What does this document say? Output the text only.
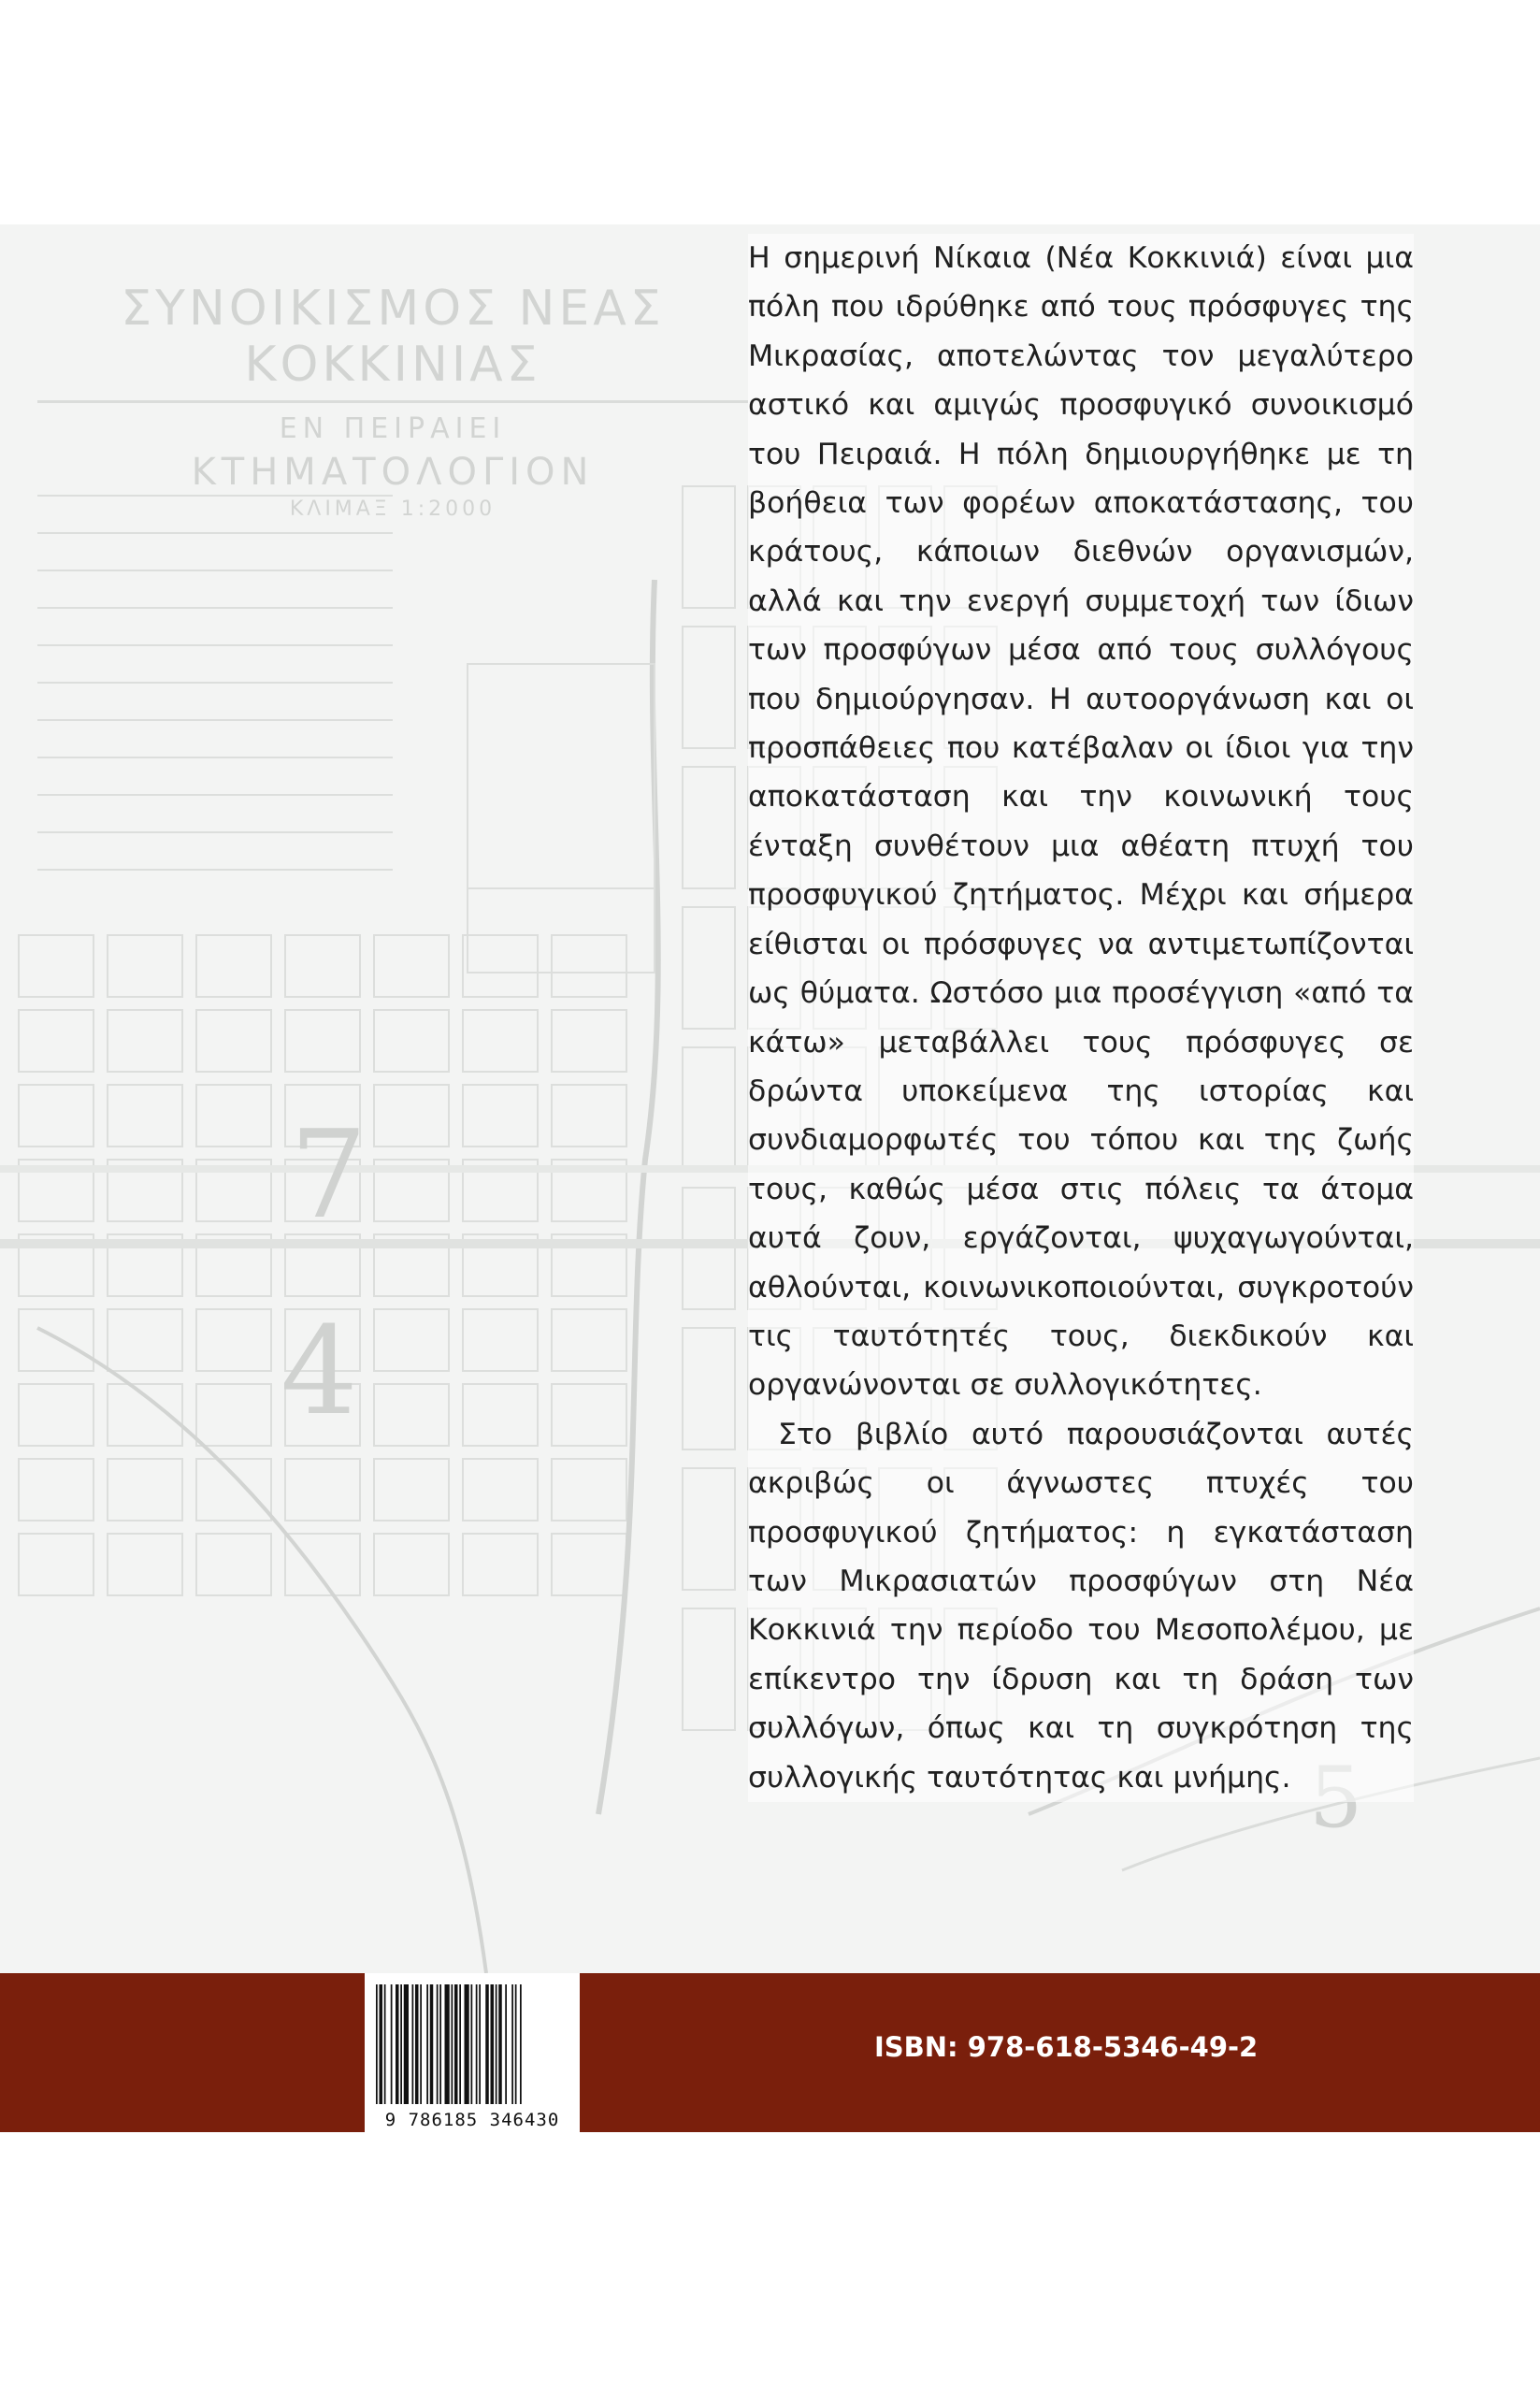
ΣΥΝΟΙΚΙΣΜΟΣ ΝΕΑΣ ΚΟΚΚΙΝΙΑΣ
ΕΝ ΠΕΙΡΑΙΕΙ
ΚΤΗΜΑΤΟΛΟΓΙΟΝ
ΚΛΙΜΑΞ 1:2000
7
4

Η σημερινή Νίκαια (Νέα Κοκκινιά) είναι μια πόλη που ιδρύθηκε από τους πρόσφυγες της Μικρασίας, αποτελώντας τον μεγαλύτερο αστικό και αμιγώς προσφυγικό συνοικισμό του Πειραιά. Η πόλη δημιουργήθηκε με τη βοήθεια των φορέων αποκατάστασης, του κράτους, κάποιων διεθνών οργανισμών, αλλά και την ενεργή συμμετοχή των ίδιων των προσφύγων μέσα από τους συλλόγους που δημιούργησαν. Η αυτοοργάνωση και οι προσπάθειες που κατέβαλαν οι ίδιοι για την αποκατάσταση και την κοινωνική τους ένταξη συνθέτουν μια αθέατη πτυχή του προσφυγικού ζητήματος. Μέχρι και σήμερα είθισται οι πρόσφυγες να αντιμετωπίζονται ως θύματα. Ωστόσο μια προσέγγιση «από τα κάτω» μεταβάλλει τους πρόσφυγες σε δρώντα υποκείμενα της ιστορίας και συνδιαμορφωτές του τόπου και της ζωής τους, καθώς μέσα στις πόλεις τα άτομα αυτά ζουν, εργάζονται, ψυχαγωγούνται, αθλούνται, κοινωνικοποιούνται, συγκροτούν τις ταυτότητές τους, διεκδικούν και οργανώνονται σε συλλογικότητες.

Στο βιβλίο αυτό παρουσιάζονται αυτές ακριβώς οι άγνωστες πτυχές του προσφυγικού ζητήματος: η εγκατάσταση των Μικρασιατών προσφύγων στη Νέα Κοκκινιά την περίοδο του Μεσοπολέμου, με επίκεντρο την ίδρυση και τη δράση των συλλόγων, όπως και τη συγκρότηση της συλλογικής ταυτότητας και μνήμης.

9 786185 346430
ISBN: 978-618-5346-49-2
